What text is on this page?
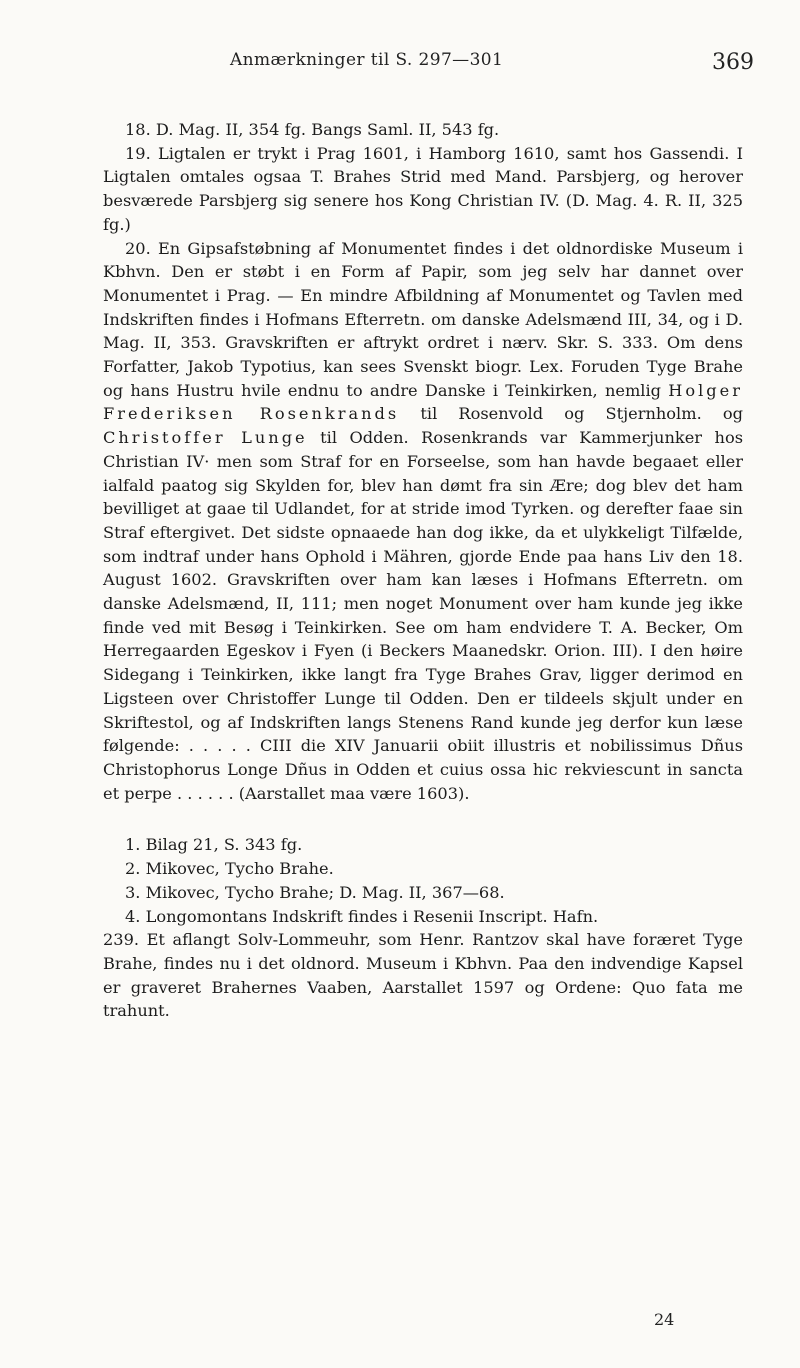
Anmærkninger til S. 297—301	369

18. D. Mag. II, 354 fg. Bangs Saml. II, 543 fg.

19. Ligtalen er trykt i Prag 1601, i Hamborg 1610, samt hos Gassendi. I Ligtalen omtales ogsaa T. Brahes Strid med Mand. Parsbjerg, og herover besværede Parsbjerg sig senere hos Kong Christian IV. (D. Mag. 4. R. II, 325 fg.)

20. En Gipsafstøbning af Monumentet findes i det oldnordiske Museum i Kbhvn. Den er støbt i en Form af Papir, som jeg selv har dannet over Monumentet i Prag. — En mindre Afbildning af Monumentet og Tavlen med Indskriften findes i Hofmans Efterretn. om danske Adelsmænd III, 34, og i D. Mag. II, 353. Gravskriften er aftrykt ordret i nærv. Skr. S. 333. Om dens Forfatter, Jakob Typotius, kan sees Svenskt biogr. Lex. Foruden Tyge Brahe og hans Hustru hvile endnu to andre Danske i Teinkirken, nemlig Holger Frederiksen Rosenkrands til Rosenvold og Stjernholm. og Christoffer Lunge til Odden. Rosenkrands var Kammerjunker hos Christian IV· men som Straf for en Forseelse, som han havde begaaet eller ialfald paatog sig Skylden for, blev han dømt fra sin Ære; dog blev det ham bevilliget at gaae til Udlandet, for at stride imod Tyrken. og derefter faae sin Straf eftergivet. Det sidste opnaaede han dog ikke, da et ulykkeligt Tilfælde, som indtraf under hans Ophold i Mähren, gjorde Ende paa hans Liv den 18. August 1602. Gravskriften over ham kan læses i Hofmans Efterretn. om danske Adelsmænd, II, 111; men noget Monument over ham kunde jeg ikke finde ved mit Besøg i Teinkirken. See om ham endvidere T. A. Becker, Om Herregaarden Egeskov i Fyen (i Beckers Maanedskr. Orion. III). I den høire Sidegang i Teinkirken, ikke langt fra Tyge Brahes Grav, ligger derimod en Ligsteen over Christoffer Lunge til Odden. Den er tildeels skjult under en Skriftestol, og af Indskriften langs Stenens Rand kunde jeg derfor kun læse følgende: . . . . . CIII die XIV Januarii obiit illustris et nobilissimus Dñus Christophorus Longe Dñus in Odden et cuius ossa hic rekviescunt in sancta et perpe . . . . . . (Aarstallet maa være 1603).

1. Bilag 21, S. 343 fg.

2. Mikovec, Tycho Brahe.

3. Mikovec, Tycho Brahe; D. Mag. II, 367—68.

4. Longomontans Indskrift findes i Resenii Inscript. Hafn.

239. Et aflangt Solv-Lommeuhr, som Henr. Rantzov skal have foræret Tyge Brahe, findes nu i det oldnord. Museum i Kbhvn. Paa den indvendige Kapsel er graveret Brahernes Vaaben, Aarstallet 1597 og Ordene: Quo fata me trahunt.

24
